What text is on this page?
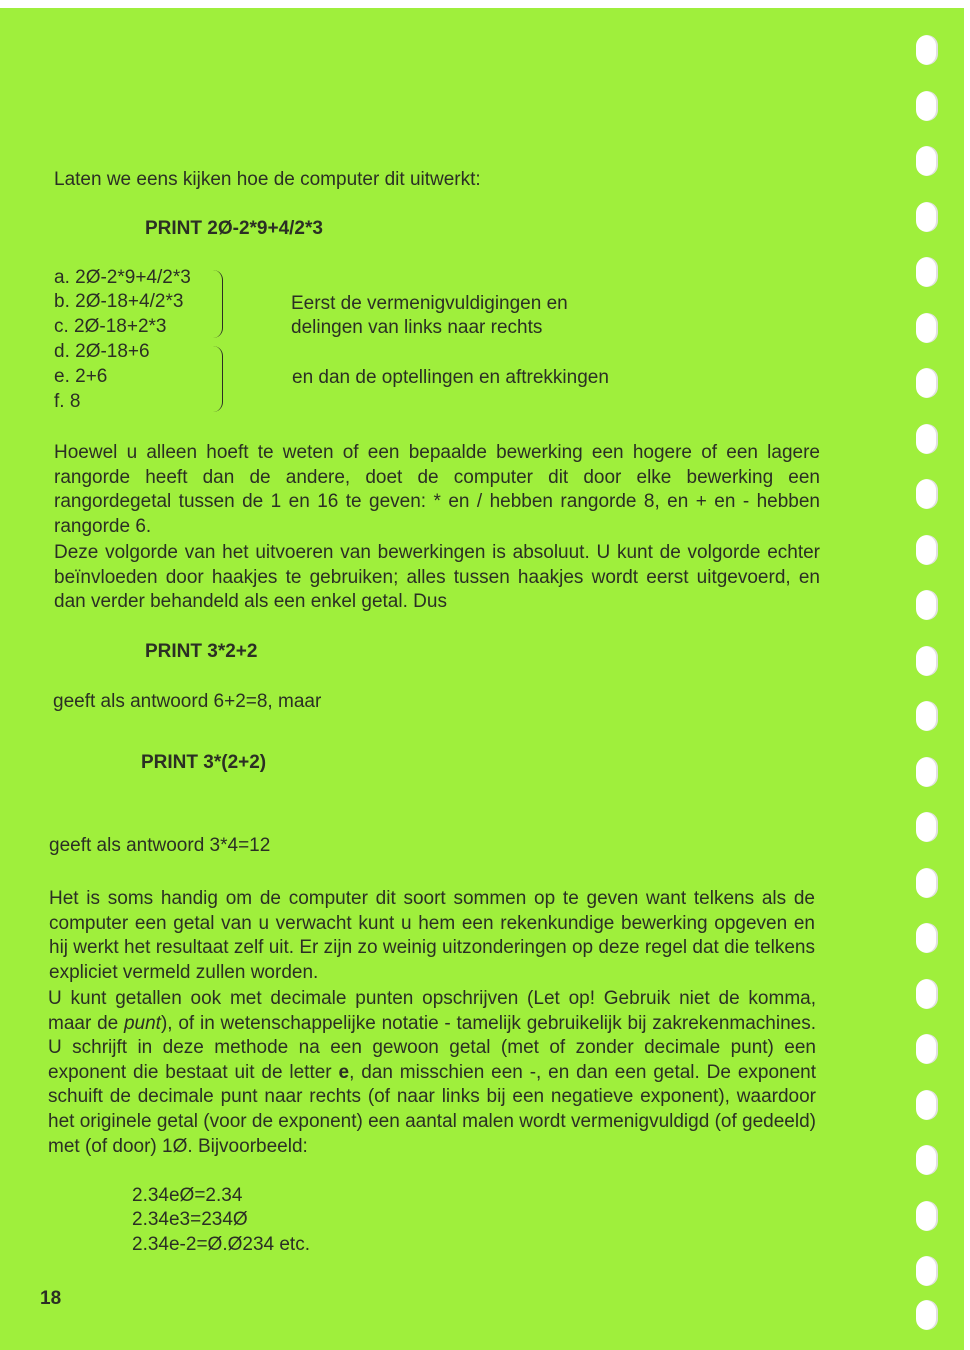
Laten we eens kijken hoe de computer dit uitwerkt:
PRINT 2Ø-2*9+4/2*3
a. 2Ø-2*9+4/2*3
b. 2Ø-18+4/2*3
c. 2Ø-18+2*3
d. 2Ø-18+6
e. 2+6
f. 8
Eerst de vermenigvuldigingen en
delingen van links naar rechts
en dan de optellingen en aftrekkingen

Hoewel u alleen hoeft te weten of een bepaalde bewerking een hogere of een lagere rangorde heeft dan de andere, doet de computer dit door elke bewerking een rangordegetal tussen de 1 en 16 te geven: * en / hebben rangorde 8, en + en - hebben rangorde 6.

Deze volgorde van het uitvoeren van bewerkingen is absoluut. U kunt de volgorde echter beïnvloeden door haakjes te gebruiken; alles tussen haakjes wordt eerst uitgevoerd, en dan verder behandeld als een enkel getal. Dus

PRINT 3*2+2
geeft als antwoord 6+2=8, maar
PRINT 3*(2+2)
geeft als antwoord 3*4=12

Het is soms handig om de computer dit soort sommen op te geven want telkens als de computer een getal van u verwacht kunt u hem een rekenkundige bewerking opgeven en hij werkt het resultaat zelf uit. Er zijn zo weinig uitzonderingen op deze regel dat die telkens expliciet vermeld zullen worden.

U kunt getallen ook met decimale punten opschrijven (Let op! Gebruik niet de komma, maar de punt), of in wetenschappelijke notatie - tamelijk gebruikelijk bij zakrekenmachines. U schrijft in deze methode na een gewoon getal (met of zonder decimale punt) een exponent die bestaat uit de letter e, dan misschien een -, en dan een getal. De exponent schuift de decimale punt naar rechts (of naar links bij een negatieve exponent), waardoor het originele getal (voor de exponent) een aantal malen wordt vermenigvuldigd (of gedeeld) met (of door) 1Ø. Bijvoorbeeld:

2.34eØ=2.34
2.34e3=234Ø
2.34e-2=Ø.Ø234 etc.
18
